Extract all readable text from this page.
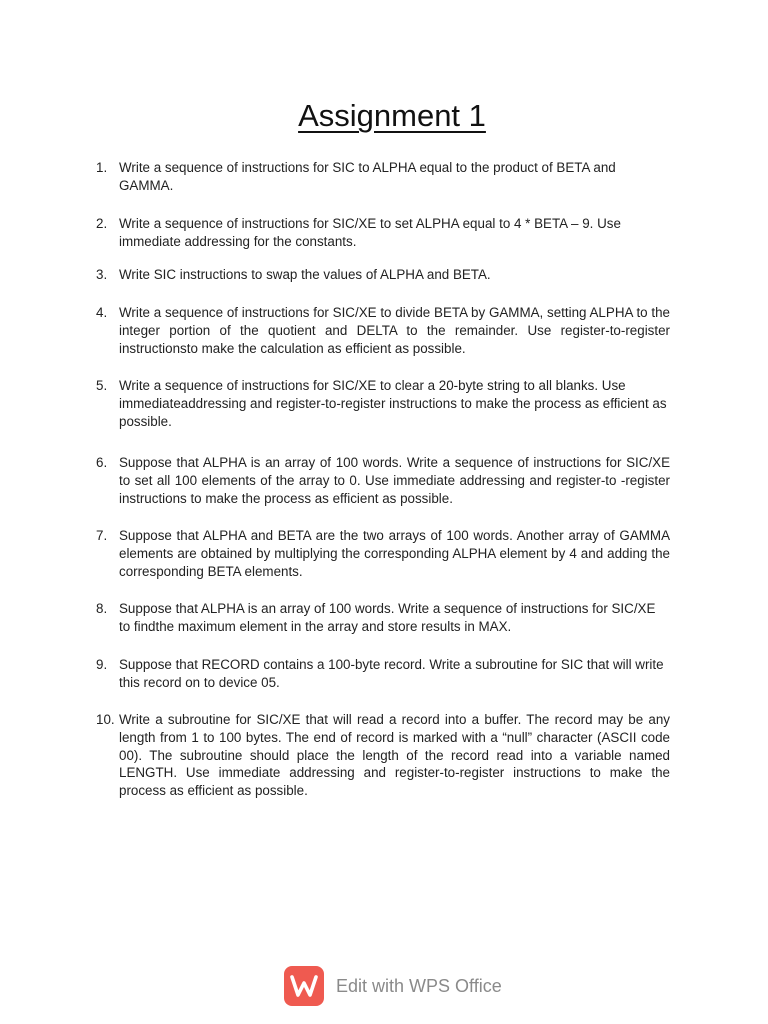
Assignment 1
1. Write a sequence of instructions for SIC to ALPHA equal to the product of BETA and GAMMA.
2. Write a sequence of instructions for SIC/XE to set ALPHA equal to 4 * BETA – 9. Use immediate addressing for the constants.
3. Write SIC instructions to swap the values of ALPHA and BETA.
4. Write a sequence of instructions for SIC/XE to divide BETA by GAMMA, setting ALPHA to the integer portion of the quotient and DELTA to the remainder. Use register-to-register instructionsto make the calculation as efficient as possible.
5. Write a sequence of instructions for SIC/XE to clear a 20-byte string to all blanks. Use immediateaddressing and register-to-register instructions to make the process as efficient as possible.
6. Suppose that ALPHA is an array of 100 words. Write a sequence of instructions for SIC/XE to set all 100 elements of the array to 0. Use immediate addressing and register-to -register instructions to make the process as efficient as possible.
7. Suppose that ALPHA and BETA are the two arrays of 100 words. Another array of GAMMA elements are obtained by multiplying the corresponding ALPHA element by 4 and adding the corresponding BETA elements.
8. Suppose that ALPHA is an array of 100 words. Write a sequence of instructions for SIC/XE to findthe maximum element in the array and store results in MAX.
9. Suppose that RECORD contains a 100-byte record. Write a subroutine for SIC that will write this record on to device 05.
10. Write a subroutine for SIC/XE that will read a record into a buffer. The record may be any length from 1 to 100 bytes. The end of record is marked with a “null” character (ASCII code 00). The subroutine should place the length of the record read into a variable named LENGTH. Use immediate addressing and register-to-register instructions to make the process as efficient as possible.
Edit with WPS Office
